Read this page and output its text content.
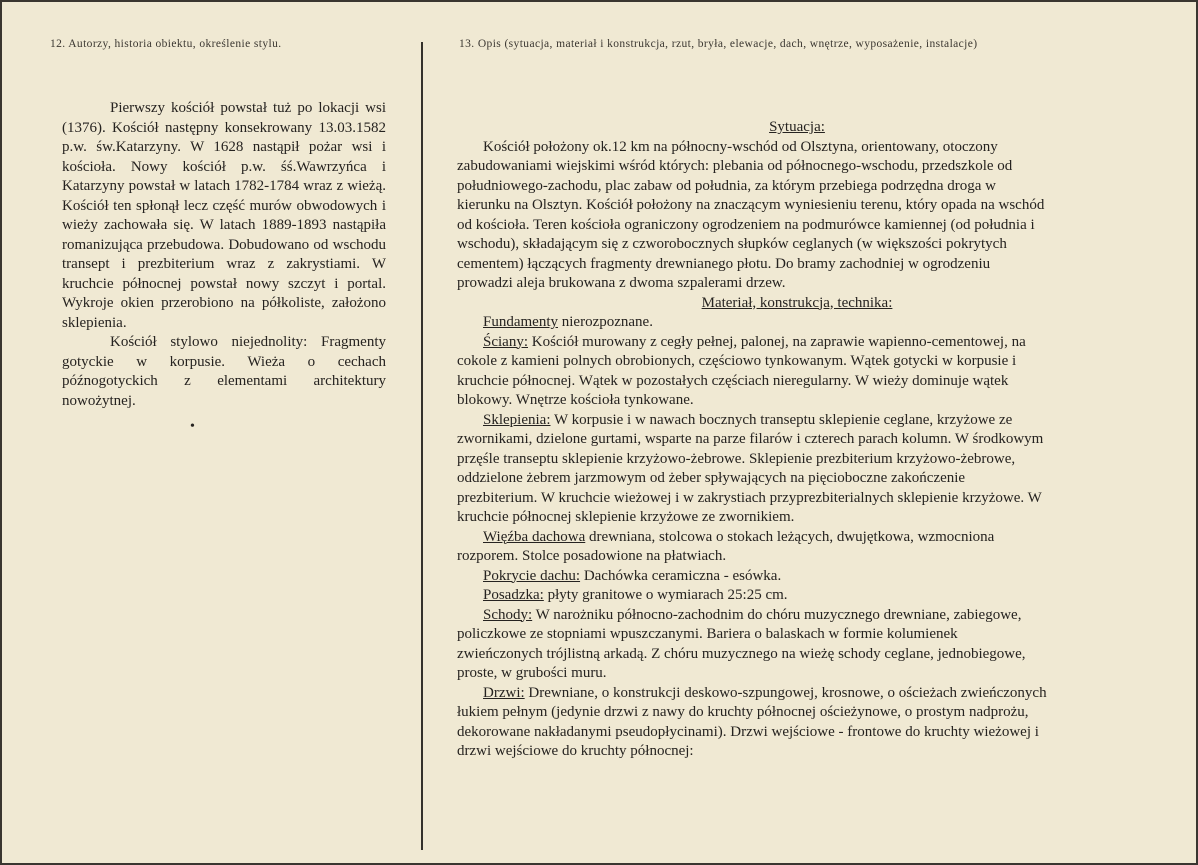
12. Autorzy, historia obiektu, określenie stylu.	13. Opis (sytuacja, materiał i konstrukcja, rzut, bryła, elewacje, dach, wnętrze, wyposażenie, instalacje)

Pierwszy kościół powstał tuż po lokacji wsi (1376). Kościół następny konsekrowany 13.03.1582 p.w. św.Katarzyny. W 1628 nastąpił pożar wsi i kościoła. Nowy kościół p.w. śś.Wawrzyńca i Katarzyny powstał w latach 1782-1784 wraz z wieżą. Kościół ten spłonął lecz część murów obwodowych i wieży zachowała się. W latach 1889-1893 nastąpiła romanizująca przebudowa. Dobudowano od wschodu transept i prezbiterium wraz z zakrystiami. W kruchcie północnej powstał nowy szczyt i portal. Wykroje okien przerobiono na półkoliste, założono sklepienia.

Kościół stylowo niejednolity: Fragmenty gotyckie w korpusie. Wieża o cechach późnogotyckich z elementami architektury nowożytnej.

•

Sytuacja:

Kościół położony ok.12 km na północny-wschód od Olsztyna, orientowany, otoczony zabudowaniami wiejskimi wśród których: plebania od północnego-wschodu, przedszkole od południowego-zachodu, plac zabaw od południa, za którym przebiega podrzędna droga w kierunku na Olsztyn. Kościół położony na znaczącym wyniesieniu terenu, który opada na wschód od kościoła. Teren kościoła ograniczony ogrodzeniem na podmurówce kamiennej (od południa i wschodu), składającym się z czworobocznych słupków ceglanych (w większości pokrytych cementem) łączących fragmenty drewnianego płotu. Do bramy zachodniej w ogrodzeniu prowadzi aleja brukowana z dwoma szpalerami drzew.

Materiał, konstrukcja, technika:

Fundamenty nierozpoznane.

Ściany: Kościół murowany z cegły pełnej, palonej, na zaprawie wapienno-cementowej, na cokole z kamieni polnych obrobionych, częściowo tynkowanym. Wątek gotycki w korpusie i kruchcie północnej. Wątek w pozostałych częściach nieregularny. W wieży dominuje wątek blokowy. Wnętrze kościoła tynkowane.

Sklepienia: W korpusie i w nawach bocznych transeptu sklepienie ceglane, krzyżowe ze zwornikami, dzielone gurtami, wsparte na parze filarów i czterech parach kolumn. W środkowym przęśle transeptu sklepienie krzyżowo-żebrowe. Sklepienie prezbiterium krzyżowo-żebrowe, oddzielone żebrem jarzmowym od żeber spływających na pięcioboczne zakończenie prezbiterium. W kruchcie wieżowej i w zakrystiach przyprezbiterialnych sklepienie krzyżowe. W kruchcie północnej sklepienie krzyżowe ze zwornikiem.

Więźba dachowa drewniana, stolcowa o stokach leżących, dwujętkowa, wzmocniona rozporem. Stolce posadowione na płatwiach.

Pokrycie dachu: Dachówka ceramiczna - esówka.

Posadzka: płyty granitowe o wymiarach 25:25 cm.

Schody: W narożniku północno-zachodnim do chóru muzycznego drewniane, zabiegowe, policzkowe ze stopniami wpuszczanymi. Bariera o balaskach w formie kolumienek zwieńczonych trójlistną arkadą. Z chóru muzycznego na wieżę schody ceglane, jednobiegowe, proste, w grubości muru.

Drzwi: Drewniane, o konstrukcji deskowo-szpungowej, krosnowe, o ościeżach zwieńczonych łukiem pełnym (jedynie drzwi z nawy do kruchty północnej ościeżynowe, o prostym nadprożu, dekorowane nakładanymi pseudopłycinami). Drzwi wejściowe - frontowe do kruchty wieżowej i drzwi wejściowe do kruchty północnej:
